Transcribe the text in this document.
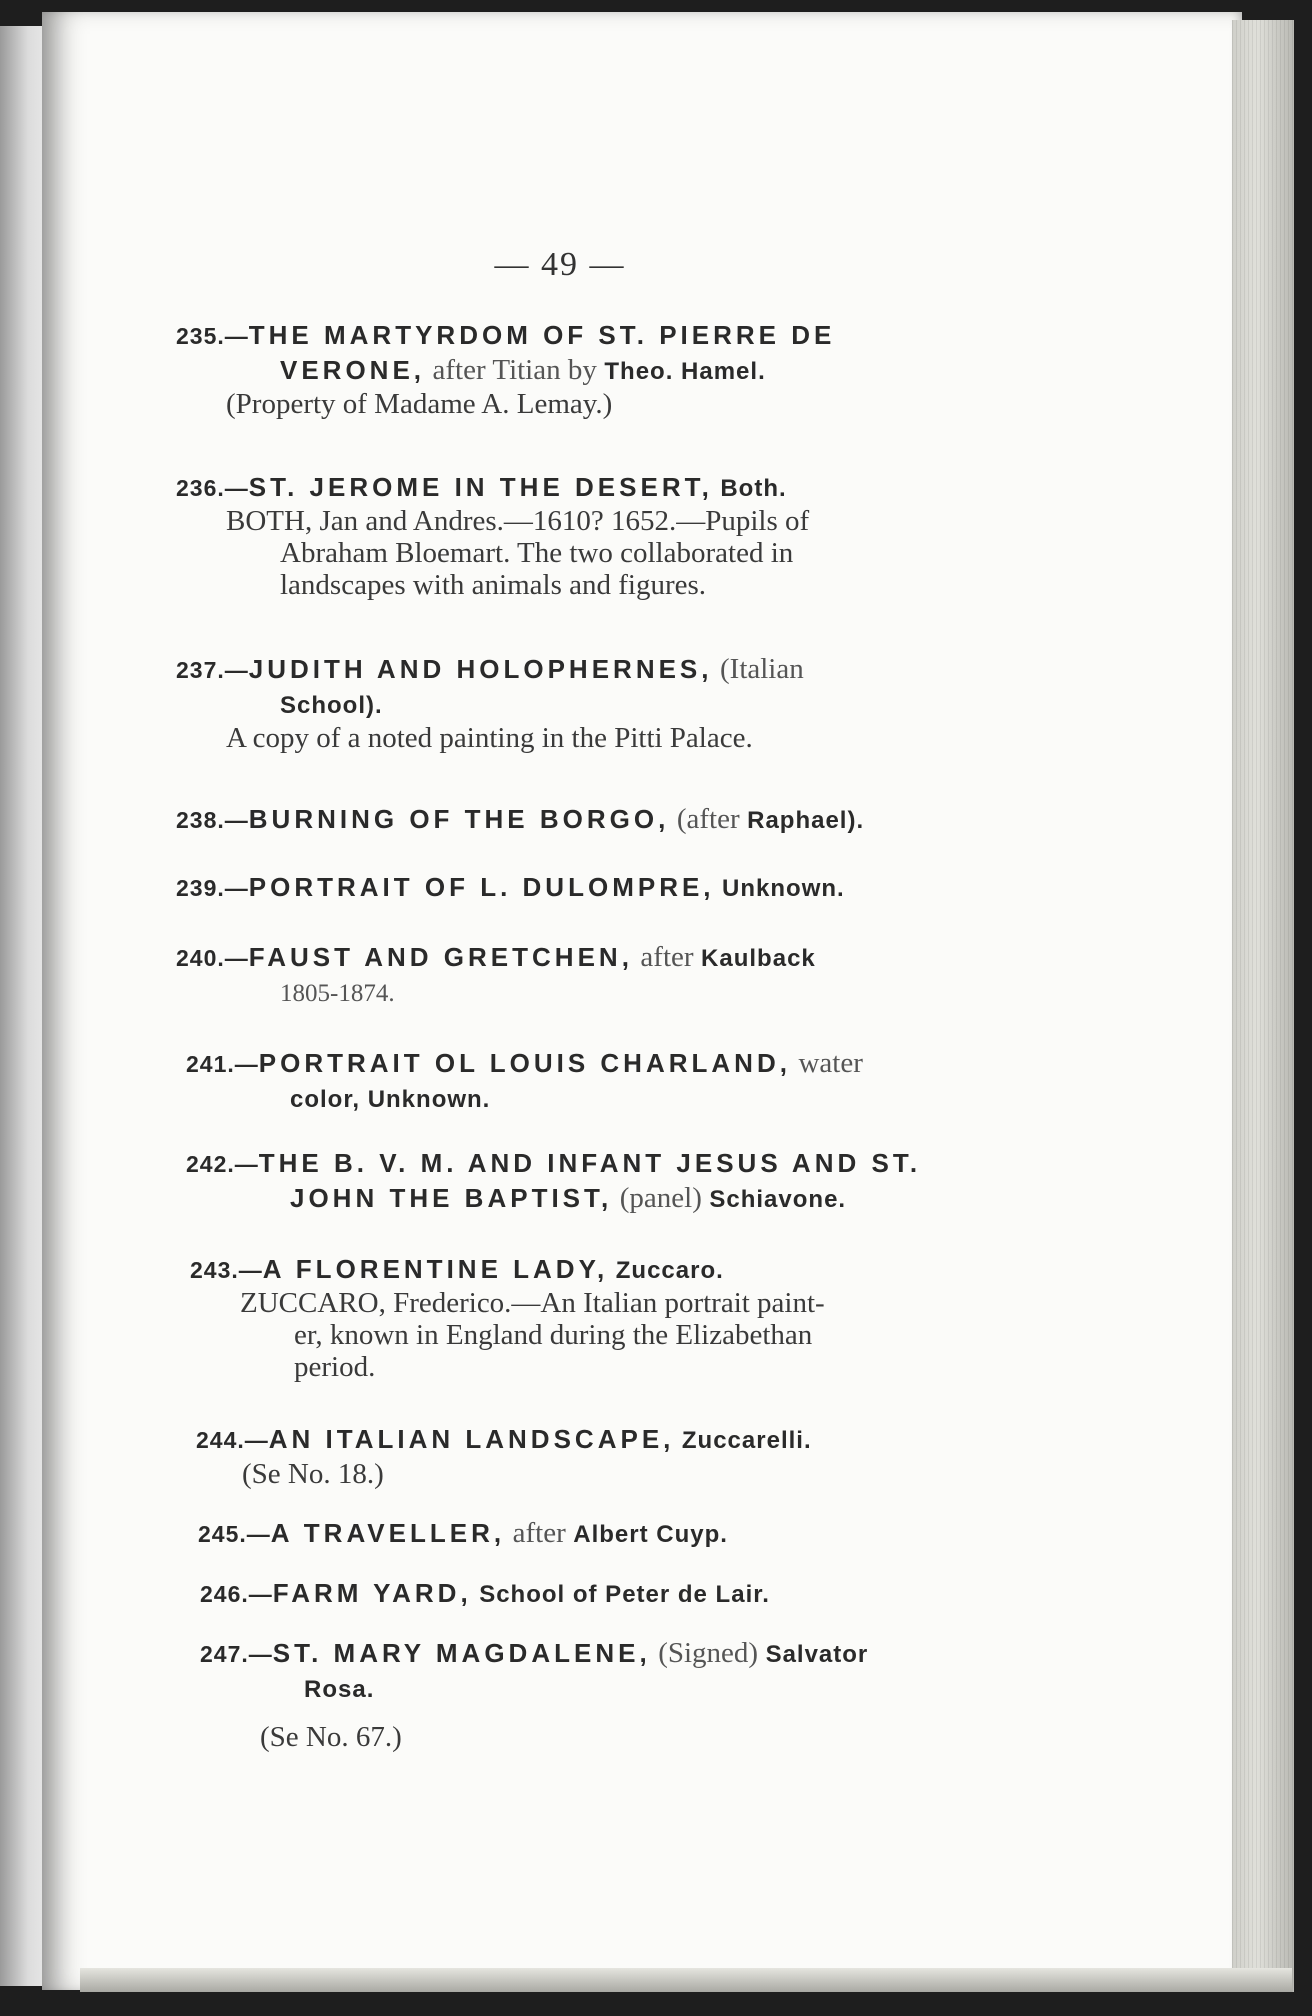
— 49 —

235.—THE MARTYRDOM OF ST. PIERRE DE

VERONE, after Titian by Theo. Hamel.

(Property of Madame A. Lemay.)

236.—ST. JEROME IN THE DESERT, Both.

BOTH, Jan and Andres.—1610? 1652.—Pupils of
Abraham Bloemart. The two collaborated in
landscapes with animals and figures.

237.—JUDITH AND HOLOPHERNES, (Italian

School).

A copy of a noted painting in the Pitti Palace.

238.—BURNING OF THE BORGO, (after Raphael).

239.—PORTRAIT OF L. DULOMPRE, Unknown.

240.—FAUST AND GRETCHEN, after Kaulback

1805-1874.

241.—PORTRAIT OL LOUIS CHARLAND, water

color, Unknown.

242.—THE B. V. M. AND INFANT JESUS AND ST.

JOHN THE BAPTIST, (panel) Schiavone.

243.—A FLORENTINE LADY, Zuccaro.

ZUCCARO, Frederico.—An Italian portrait paint-
er, known in England during the Elizabethan
period.

244.—AN ITALIAN LANDSCAPE, Zuccarelli.

(Se No. 18.)

245.—A TRAVELLER, after Albert Cuyp.

246.—FARM YARD, School of Peter de Lair.

247.—ST. MARY MAGDALENE, (Signed) Salvator

Rosa.

(Se No. 67.)
